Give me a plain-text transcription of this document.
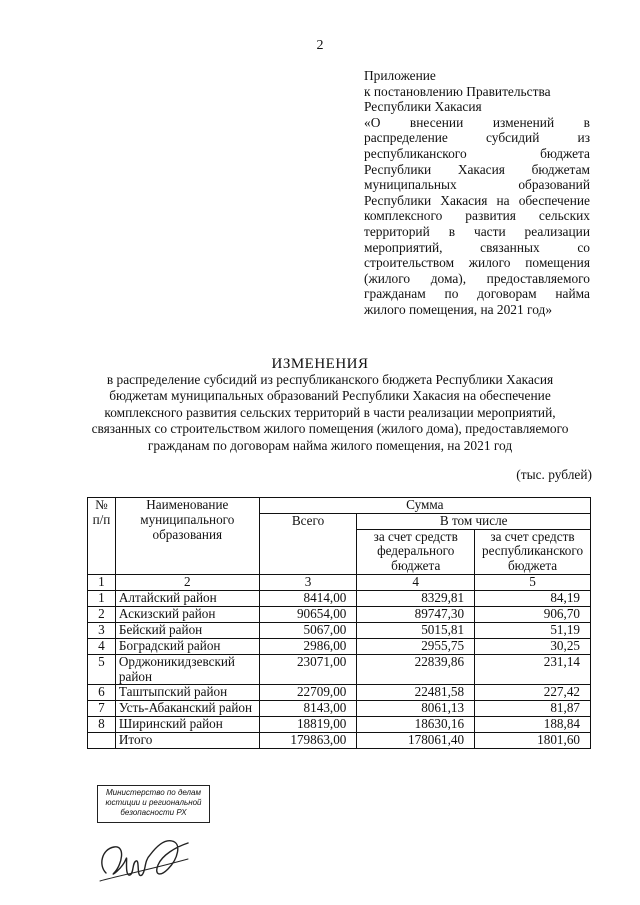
2
Приложение
к постановлению Правительства
Республики Хакасия
«О внесении изменений в
распределение субсидий из
республиканского бюджета
Республики Хакасия бюджетам
муниципальных образований
Республики Хакасия на обеспечение
комплексного развития сельских
территорий в части реализации
мероприятий, связанных со
строительством жилого помещения
(жилого дома), предоставляемого
гражданам по договорам найма
жилого помещения, на 2021 год»
ИЗМЕНЕНИЯ
в распределение субсидий из республиканского бюджета Республики Хакасия
бюджетам муниципальных образований Республики Хакасия на обеспечение
комплексного развития сельских территорий в части реализации мероприятий,
связанных со строительством жилого помещения (жилого дома), предоставляемого
гражданам по договорам найма жилого помещения, на 2021 год
(тыс. рублей)
№ п/п	Наименование муниципального образования	Сумма		
		Всего	В том числе	
			за счет средств федерального бюджета	за счет средств республиканского бюджета
1	2	3	4	5
1	Алтайский район	8414,00	8329,81	84,19
2	Аскизский район	90654,00	89747,30	906,70
3	Бейский район	5067,00	5015,81	51,19
4	Боградский район	2986,00	2955,75	30,25
5	Орджоникидзевский район	23071,00	22839,86	231,14
6	Таштыпский район	22709,00	22481,58	227,42
7	Усть-Абаканский район	8143,00	8061,13	81,87
8	Ширинский район	18819,00	18630,16	188,84
	Итого	179863,00	178061,40	1801,60
Министерство по делам
юстиции и региональной
безопасности РХ
